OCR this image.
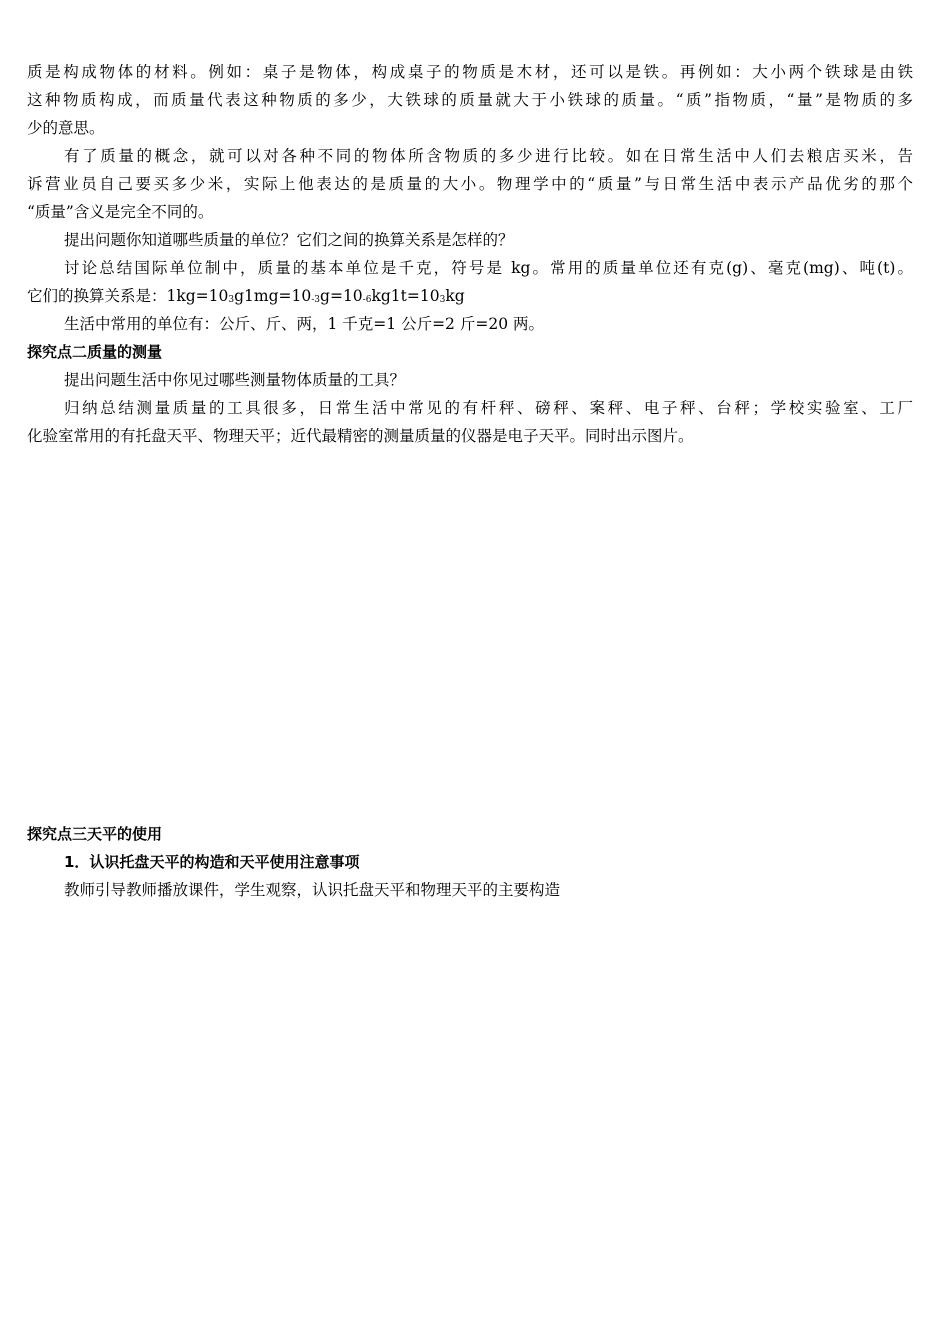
质是构成物体的材料。例如：桌子是物体，构成桌子的物质是木材，还可以是铁。再例如：大小两个铁球是由铁
这种物质构成，而质量代表这种物质的多少，大铁球的质量就大于小铁球的质量。“质”指物质，“量”是物质的多
少的意思。
有了质量的概念，就可以对各种不同的物体所含物质的多少进行比较。如在日常生活中人们去粮店买米，告
诉营业员自己要买多少米，实际上他表达的是质量的大小。物理学中的“质量”与日常生活中表示产品优劣的那个
“质量”含义是完全不同的。
提出问题你知道哪些质量的单位？它们之间的换算关系是怎样的？
讨论总结国际单位制中，质量的基本单位是千克，符号是 kg。常用的质量单位还有克(g)、毫克(mg)、吨(t)。
它们的换算关系是：1kg=103g1mg=10-3g=10-6kg1t=103kg
生活中常用的单位有：公斤、斤、两，1 千克=1 公斤=2 斤=20 两。
探究点二质量的测量
提出问题生活中你见过哪些测量物体质量的工具？
归纳总结测量质量的工具很多，日常生活中常见的有杆秤、磅秤、案秤、电子秤、台秤；学校实验室、工厂
化验室常用的有托盘天平、物理天平；近代最精密的测量质量的仪器是电子天平。同时出示图片。
探究点三天平的使用
1．认识托盘天平的构造和天平使用注意事项
教师引导教师播放课件，学生观察，认识托盘天平和物理天平的主要构造
